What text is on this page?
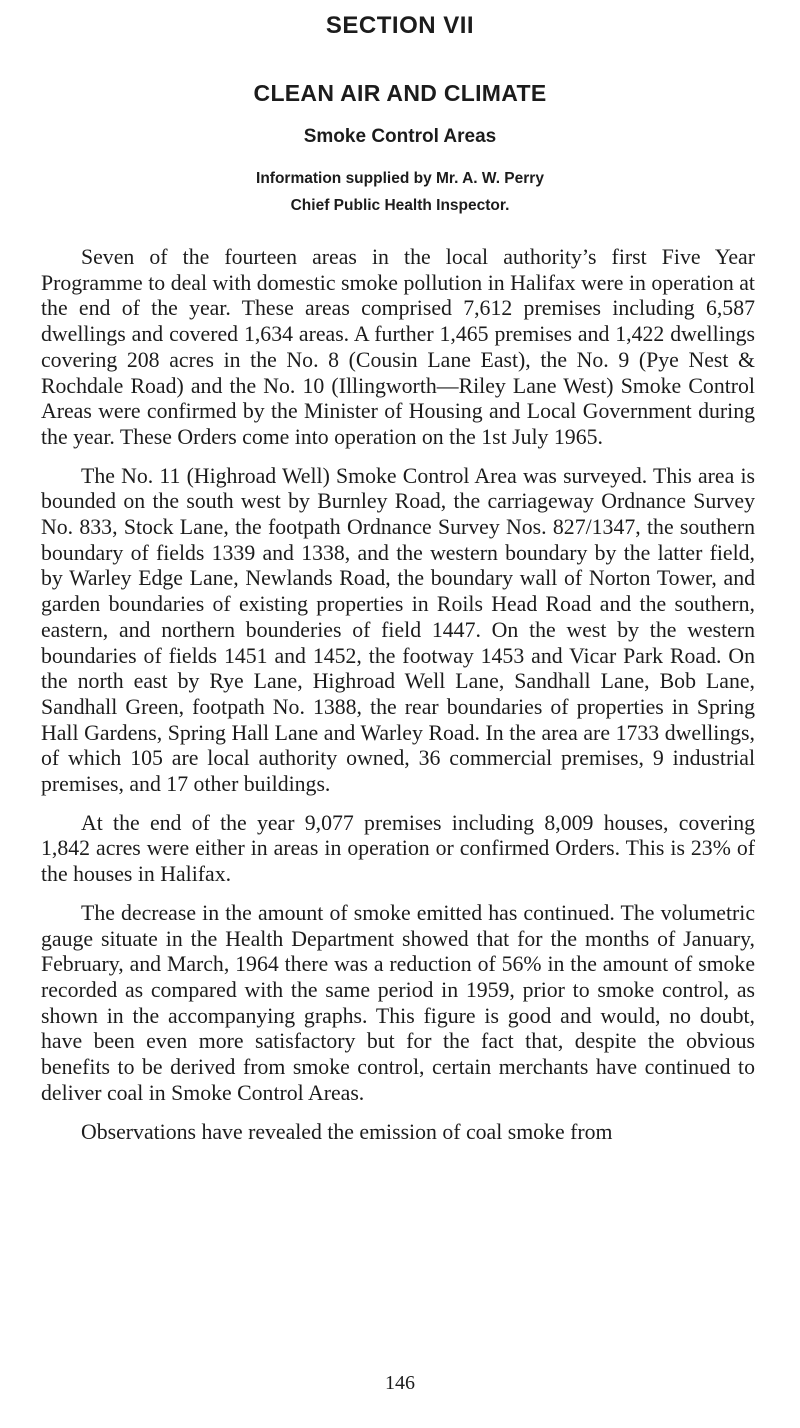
SECTION VII
CLEAN AIR AND CLIMATE
Smoke Control Areas

Information supplied by Mr. A. W. Perry

Chief Public Health Inspector.

Seven of the fourteen areas in the local authority’s first Five Year Programme to deal with domestic smoke pollution in Halifax were in operation at the end of the year. These areas comprised 7,612 premises including 6,587 dwellings and covered 1,634 areas. A further 1,465 premises and 1,422 dwellings covering 208 acres in the No. 8 (Cousin Lane East), the No. 9 (Pye Nest & Rochdale Road) and the No. 10 (Illingworth—Riley Lane West) Smoke Control Areas were confirmed by the Minister of Housing and Local Government during the year. These Orders come into operation on the 1st July 1965.

The No. 11 (Highroad Well) Smoke Control Area was surveyed. This area is bounded on the south west by Burnley Road, the carriageway Ordnance Survey No. 833, Stock Lane, the footpath Ordnance Survey Nos. 827/1347, the southern boundary of fields 1339 and 1338, and the western boundary by the latter field, by Warley Edge Lane, Newlands Road, the boundary wall of Norton Tower, and garden boundaries of existing properties in Roils Head Road and the southern, eastern, and northern bounderies of field 1447. On the west by the western boundaries of fields 1451 and 1452, the footway 1453 and Vicar Park Road. On the north east by Rye Lane, Highroad Well Lane, Sandhall Lane, Bob Lane, Sandhall Green, footpath No. 1388, the rear boundaries of properties in Spring Hall Gardens, Spring Hall Lane and Warley Road. In the area are 1733 dwellings, of which 105 are local authority owned, 36 commercial premises, 9 industrial premises, and 17 other buildings.

At the end of the year 9,077 premises including 8,009 houses, covering 1,842 acres were either in areas in operation or confirmed Orders. This is 23% of the houses in Halifax.

The decrease in the amount of smoke emitted has continued. The volumetric gauge situate in the Health Department showed that for the months of January, February, and March, 1964 there was a reduction of 56% in the amount of smoke recorded as compared with the same period in 1959, prior to smoke control, as shown in the accompanying graphs. This figure is good and would, no doubt, have been even more satisfactory but for the fact that, despite the obvious benefits to be derived from smoke control, certain merchants have continued to deliver coal in Smoke Control Areas.

Observations have revealed the emission of coal smoke from

146
